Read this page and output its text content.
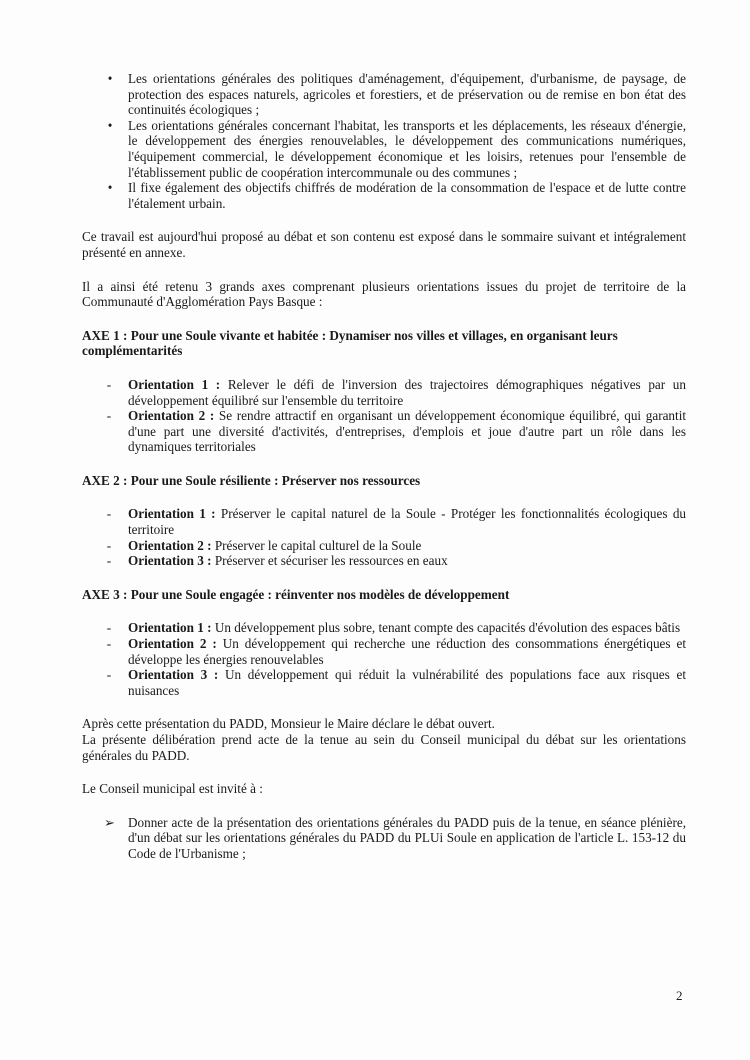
• Les orientations générales des politiques d'aménagement, d'équipement, d'urbanisme, de paysage, de protection des espaces naturels, agricoles et forestiers, et de préservation ou de remise en bon état des continuités écologiques ;
• Les orientations générales concernant l'habitat, les transports et les déplacements, les réseaux d'énergie, le développement des énergies renouvelables, le développement des communications numériques, l'équipement commercial, le développement économique et les loisirs, retenues pour l'ensemble de l'établissement public de coopération intercommunale ou des communes ;
• Il fixe également des objectifs chiffrés de modération de la consommation de l'espace et de lutte contre l'étalement urbain.

Ce travail est aujourd'hui proposé au débat et son contenu est exposé dans le sommaire suivant et intégralement présenté en annexe.

Il a ainsi été retenu 3 grands axes comprenant plusieurs orientations issues du projet de territoire de la Communauté d'Agglomération Pays Basque :

AXE 1 : Pour une Soule vivante et habitée : Dynamiser nos villes et villages, en organisant leurs complémentarités

- Orientation 1 : Relever le défi de l'inversion des trajectoires démographiques négatives par un développement équilibré sur l'ensemble du territoire
- Orientation 2 : Se rendre attractif en organisant un développement économique équilibré, qui garantit d'une part une diversité d'activités, d'entreprises, d'emplois et joue d'autre part un rôle dans les dynamiques territoriales

AXE 2 : Pour une Soule résiliente : Préserver nos ressources

- Orientation 1 : Préserver le capital naturel de la Soule - Protéger les fonctionnalités écologiques du territoire
- Orientation 2 : Préserver le capital culturel de la Soule
- Orientation 3 : Préserver et sécuriser les ressources en eaux

AXE 3 : Pour une Soule engagée : réinventer nos modèles de développement

- Orientation 1 : Un développement plus sobre, tenant compte des capacités d'évolution des espaces bâtis
- Orientation 2 : Un développement qui recherche une réduction des consommations énergétiques et développe les énergies renouvelables
- Orientation 3 : Un développement qui réduit la vulnérabilité des populations face aux risques et nuisances

Après cette présentation du PADD, Monsieur le Maire déclare le débat ouvert.

La présente délibération prend acte de la tenue au sein du Conseil municipal du débat sur les orientations générales du PADD.

Le Conseil municipal est invité à :

➢ Donner acte de la présentation des orientations générales du PADD puis de la tenue, en séance plénière, d'un débat sur les orientations générales du PADD du PLUi Soule en application de l'article L. 153-12 du Code de l'Urbanisme ;
2
